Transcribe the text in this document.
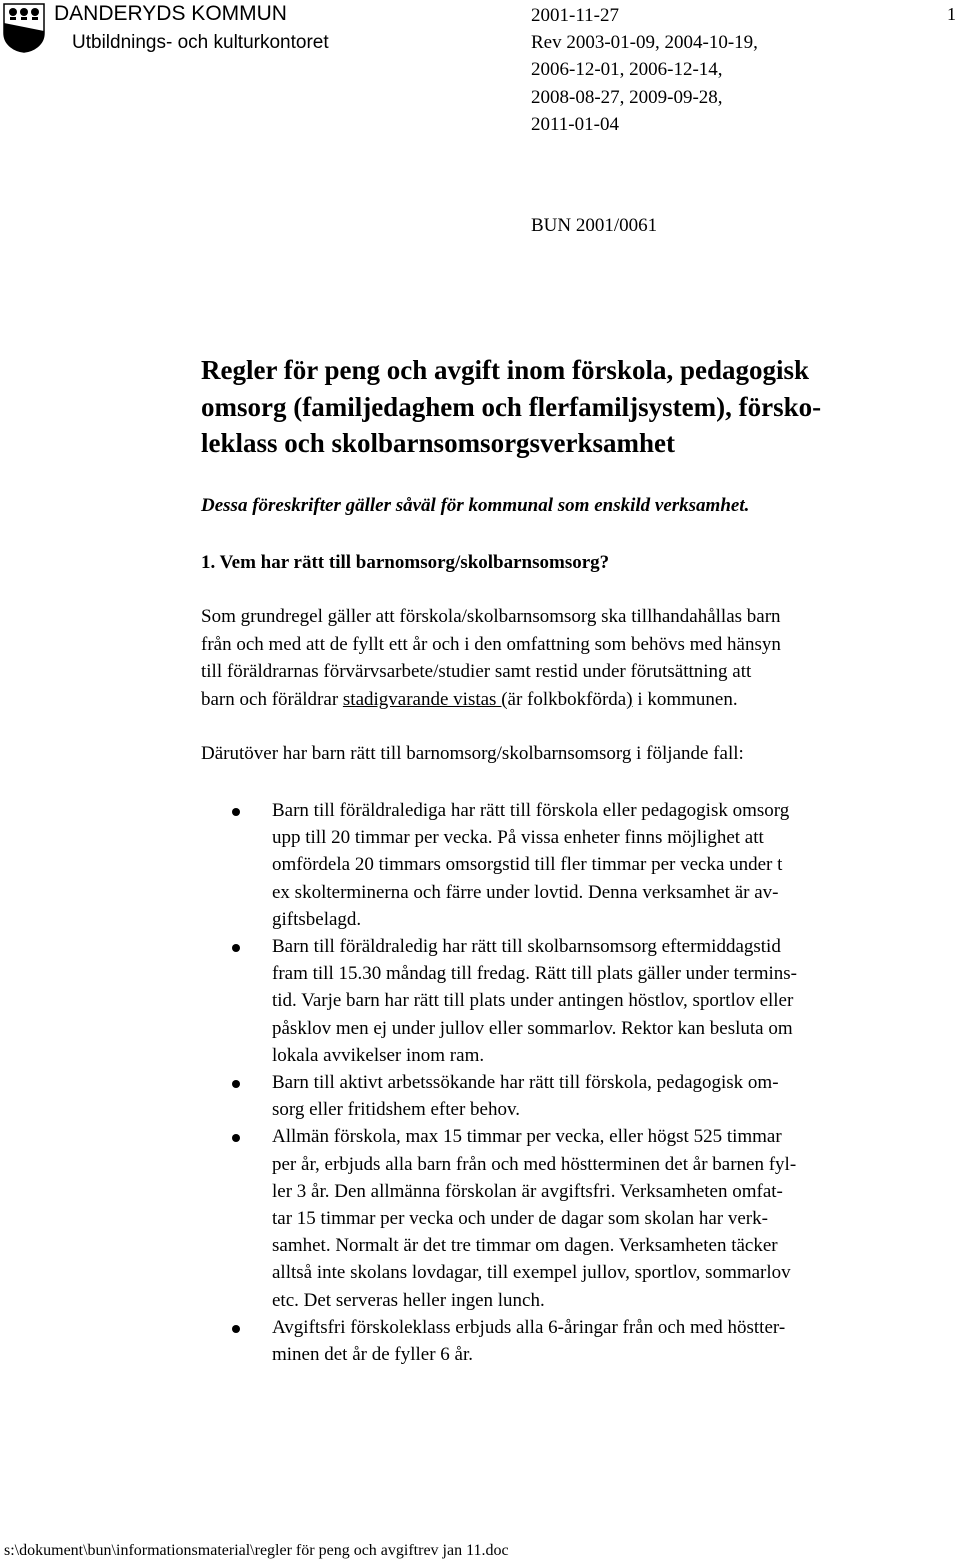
DANDERYDS KOMMUN
Utbildnings- och kulturkontoret
1
2001-11-27
Rev 2003-01-09, 2004-10-19,
2006-12-01, 2006-12-14,
2008-08-27, 2009-09-28,
2011-01-04
BUN 2001/0061
Regler för peng och avgift inom förskola, pedagogisk
omsorg (familjedaghem och flerfamiljsystem), försko-
leklass och skolbarnsomsorgsverksamhet
Dessa föreskrifter gäller såväl för kommunal som enskild verksamhet.
1. Vem har rätt till barnomsorg/skolbarnsomsorg?
Som grundregel gäller att förskola/skolbarnsomsorg ska tillhandahållas barn
från och med att de fyllt ett år och i den omfattning som behövs med hänsyn
till föräldrarnas förvärvsarbete/studier samt restid under förutsättning att
barn och föräldrar stadigvarande vistas (är folkbokförda) i kommunen.
Därutöver har barn rätt till barnomsorg/skolbarnsomsorg i följande fall:
Barn till föräldralediga har rätt till förskola eller pedagogisk omsorg
upp till 20 timmar per vecka. På vissa enheter finns möjlighet att
omfördela 20 timmars omsorgstid till fler timmar per vecka under t
ex skolterminerna och färre under lovtid. Denna verksamhet är av-
giftsbelagd.
Barn till föräldraledig har rätt till skolbarnsomsorg eftermiddagstid
fram till 15.30 måndag till fredag. Rätt till plats gäller under termins-
tid. Varje barn har rätt till plats under antingen höstlov, sportlov eller
påsklov men ej under jullov eller sommarlov. Rektor kan besluta om
lokala avvikelser inom ram.
Barn till aktivt arbetssökande har rätt till förskola, pedagogisk om-
sorg eller fritidshem efter behov.
Allmän förskola, max 15 timmar per vecka, eller högst 525 timmar
per år, erbjuds alla barn från och med höstterminen det år barnen fyl-
ler 3 år. Den allmänna förskolan är avgiftsfri. Verksamheten omfat-
tar 15 timmar per vecka och under de dagar som skolan har verk-
samhet. Normalt är det tre timmar om dagen. Verksamheten täcker
alltså inte skolans lovdagar, till exempel jullov, sportlov, sommarlov
etc. Det serveras heller ingen lunch.
Avgiftsfri förskoleklass erbjuds alla 6-åringar från och med höstter-
minen det år de fyller 6 år.
s:\dokument\bun\informationsmaterial\regler för peng och avgiftrev jan 11.doc
